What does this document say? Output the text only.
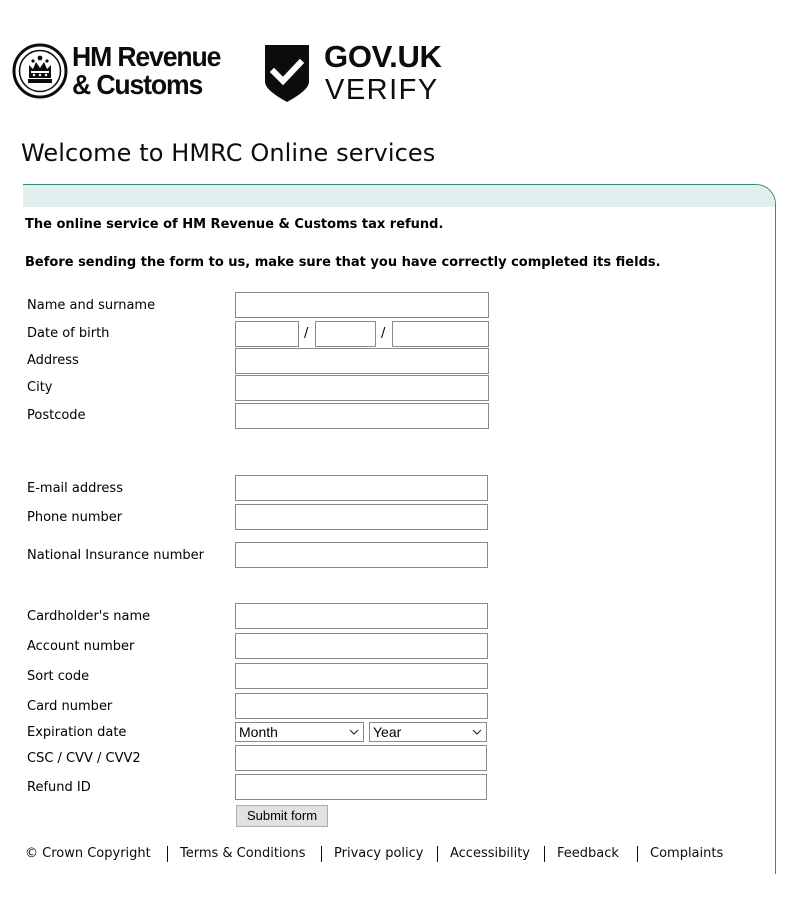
HM Revenue
& Customs
GOV.UK
VERIFY
Welcome to HMRC Online services

The online service of HM Revenue & Customs tax refund.

Before sending the form to us, make sure that you have correctly completed its fields.

Name and surname
Date of birth	/	/
Address
City
Postcode
E-mail address
Phone number
National Insurance number
Cardholder's name
Account number
Sort code
Card number
Expiration date	Month	Year
CSC / CVV / CVV2
Refund ID
Submit form
© Crown Copyright Terms & Conditions Privacy policy Accessibility Feedback Complaints
